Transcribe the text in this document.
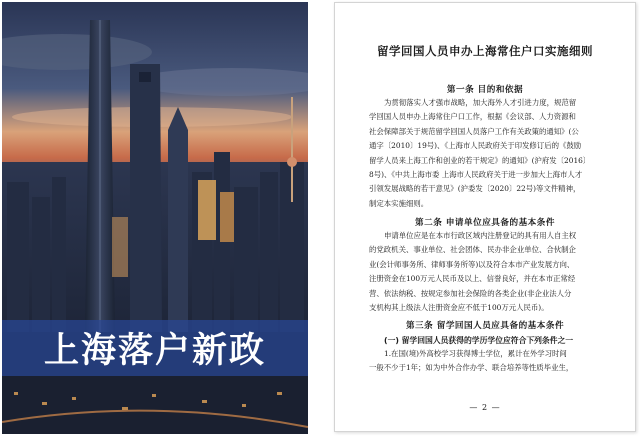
上海落户新政
留学回国人员申办上海常住户口实施细则
第一条 目的和依据
为贯彻落实人才强市战略，加大海外人才引进力度，规范留
学回国人员申办上海常住户口工作，根据《会议部、人力资源和
社会保障部关于规范留学回国人员落户工作有关政策的通知》(公
通字〔2010〕19号)、《上海市人民政府关于印发修订后的《鼓励
留学人员来上海工作和创业的若干规定》的通知》(沪府发〔2016〕
8号)、《中共上海市委 上海市人民政府关于进一步加大上海市人才
引领发展战略的若干意见》(沪委发〔2020〕22号)等文件精神，
制定本实施细则。
第二条 申请单位应具备的基本条件
申请单位应是在本市行政区域内注册登记的具有用人自主权
的党政机关、事业单位、社会团体、民办非企业单位、合伙制企
业(会计师事务所、律师事务所等)以及符合本市产业发展方向、
注册资金在100万元人民币及以上、信誉良好，并在本市正常经
营、依法纳税、按规定参加社会保险的各类企业(非企业法人分
支机构其上级法人注册资金应不低于100万元人民币)。
第三条 留学回国人员应具备的基本条件
(一) 留学回国人员获得的学历学位应符合下列条件之一
1.在国(境)外高校学习获得博士学位，累计在外学习时间
一般不少于1年；如为中外合作办学、联合培养等性质毕业生，
— 2 —
